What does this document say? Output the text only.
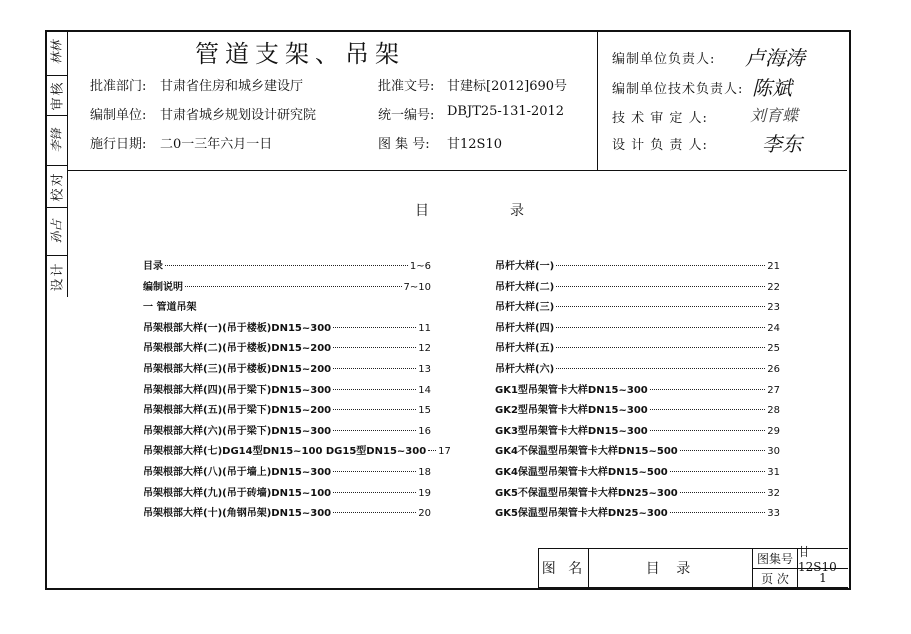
林林
审核
李锋
校对
孙占
设计
管道支架、吊架
批准部门: 甘肃省住房和城乡建设厅
编制单位: 甘肃省城乡规划设计研究院
施行日期: 二0一三年六月一日
批准文号: 甘建标[2012]690号
统一编号: DBJT25-131-2012
图 集 号: 甘12S10
编制单位负责人: 卢海涛
编制单位技术负责人: 陈斌
技 术 审 定 人:	刘育蝶
设 计 负 责 人:	李东
目	录
目录	1~6
编制说明	7~10
一 管道吊架
吊架根部大样(一)(吊于楼板)DN15~300	11
吊架根部大样(二)(吊于楼板)DN15~200	12
吊架根部大样(三)(吊于楼板)DN15~200	13
吊架根部大样(四)(吊于梁下)DN15~300	14
吊架根部大样(五)(吊于梁下)DN15~200	15
吊架根部大样(六)(吊于梁下)DN15~300	16
吊架根部大样(七)DG14型DN15~100 DG15型DN15~300 17
吊架根部大样(八)(吊于墙上)DN15~300	18
吊架根部大样(九)(吊于砖墙)DN15~100	19
吊架根部大样(十)(角钢吊架)DN15~300	20
吊杆大样(一)	21
吊杆大样(二)	22
吊杆大样(三)	23
吊杆大样(四)	24
吊杆大样(五)	25
吊杆大样(六)	26
GK1型吊架管卡大样DN15~300	27
GK2型吊架管卡大样DN15~300	28
GK3型吊架管卡大样DN15~300	29
GK4不保温型吊架管卡大样DN15~500	30
GK4保温型吊架管卡大样DN15~500	31
GK5不保温型吊架管卡大样DN25~300	32
GK5保温型吊架管卡大样DN25~300	33
图 名	目 录
图集号 甘12S10
页 次	1
